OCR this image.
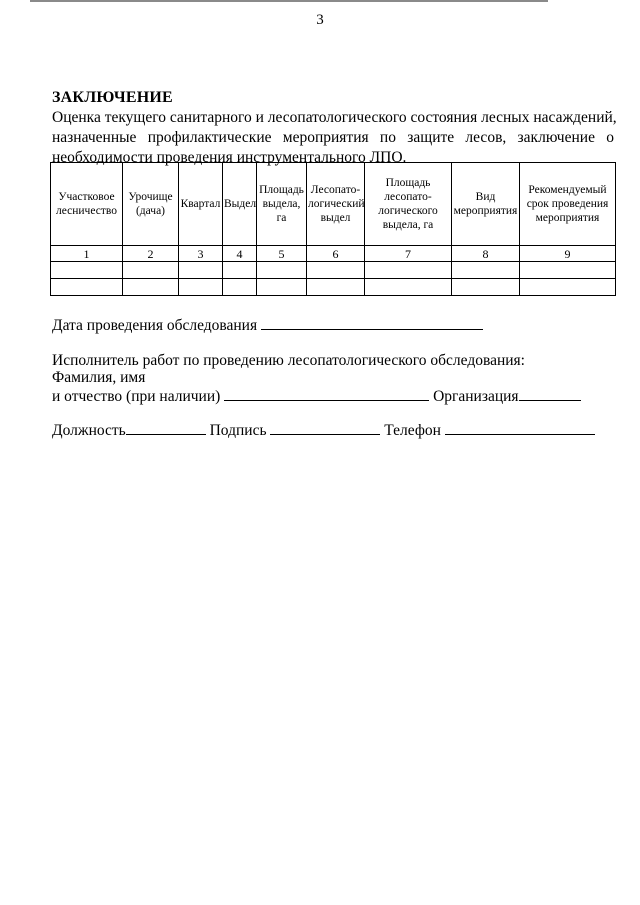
3
ЗАКЛЮЧЕНИЕ
Оценка текущего санитарного и лесопатологического состояния лесных насаждений,
назначенные профилактические мероприятия по защите лесов, заключение о
необходимости проведения инструментального ЛПО.
Участковое лесничество	Урочище (дача)	Квартал	Выдел	Площадь выдела, га	Лесопато-логический выдел	Площадь лесопато-логического выдела, га	Вид мероприятия	Рекомендуемый срок проведения мероприятия
1	2	3	4	5	6	7	8	9

Дата проведения обследования
Исполнитель работ по проведению лесопатологического обследования:
Фамилия, имя
и отчество (при наличии)	Организация
Должность	Подпись	Телефон
